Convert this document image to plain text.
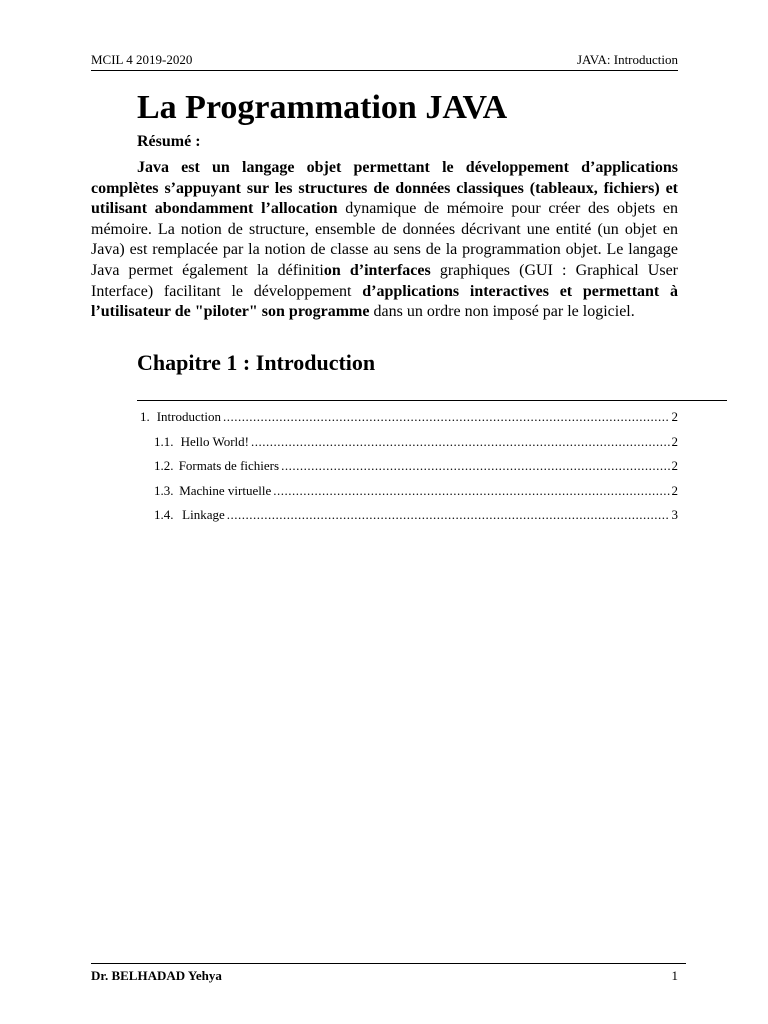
MCIL 4 2019-2020	JAVA: Introduction
La Programmation JAVA
Résumé :

Java est un langage objet permettant le développement d’applications complètes s’appuyant sur les structures de données classiques (tableaux, fichiers) et utilisant abondamment l’allocation dynamique de mémoire pour créer des objets en mémoire. La notion de structure, ensemble de données décrivant une entité (un objet en Java) est remplacée par la notion de classe au sens de la programmation objet. Le langage Java permet également la définition d’interfaces graphiques (GUI : Graphical User Interface) facilitant le développement d’applications interactives et permettant à l’utilisateur de "piloter" son programme dans un ordre non imposé par le logiciel.

Chapitre 1 : Introduction
1. Introduction .....	2
1.1. Hello World! .....	2
1.2. Formats de fichiers .....	2
1.3. Machine virtuelle .....	2
1.4. Linkage .....	3
Dr. BELHADAD Yehya	1
